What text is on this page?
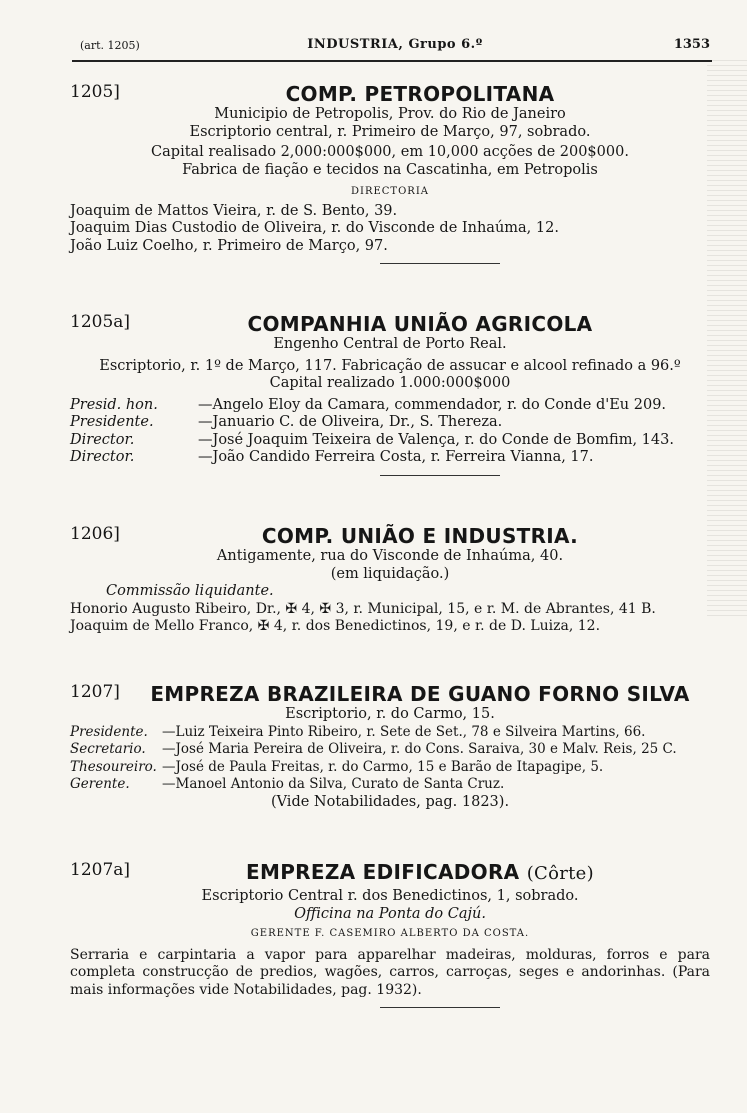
(art. 1205)	INDUSTRIA, Grupo 6.º	1353
1205]	COMP. PETROPOLITANA
Municipio de Petropolis, Prov. do Rio de Janeiro
Escriptorio central, r. Primeiro de Março, 97, sobrado.
Capital realisado 2,000:000$000, em 10,000 acções de 200$000.
Fabrica de fiação e tecidos na Cascatinha, em Petropolis
DIRECTORIA
Joaquim de Mattos Vieira, r. de S. Bento, 39.
Joaquim Dias Custodio de Oliveira, r. do Visconde de Inhaúma, 12.
João Luiz Coelho, r. Primeiro de Março, 97.
1205a]	COMPANHIA UNIÃO AGRICOLA
Engenho Central de Porto Real.
Escriptorio, r. 1º de Março, 117. Fabricação de assucar e alcool refinado a 96.º
Capital realizado 1.000:000$000
Presid. hon.	—Angelo Eloy da Camara, commendador, r. do Conde d'Eu 209.
Presidente.	—Januario C. de Oliveira, Dr., S. Thereza.
Director.	—José Joaquim Teixeira de Valença, r. do Conde de Bomfim, 143.
Director.	—João Candido Ferreira Costa, r. Ferreira Vianna, 17.
1206]	COMP. UNIÃO E INDUSTRIA.
Antigamente, rua do Visconde de Inhaúma, 40.
(em liquidação.)
Commissão liquidante.
Honorio Augusto Ribeiro, Dr., ✠ 4, ✠ 3, r. Municipal, 15, e r. M. de Abrantes, 41 B.
Joaquim de Mello Franco, ✠ 4, r. dos Benedictinos, 19, e r. de D. Luiza, 12.
1207]	EMPREZA BRAZILEIRA DE GUANO FORNO SILVA
Escriptorio, r. do Carmo, 15.
Presidente.	—Luiz Teixeira Pinto Ribeiro, r. Sete de Set., 78 e Silveira Martins, 66.
Secretario.	—José Maria Pereira de Oliveira, r. do Cons. Saraiva, 30 e Malv. Reis, 25 C.
Thesoureiro. —José de Paula Freitas, r. do Carmo, 15 e Barão de Itapagipe, 5.
Gerente.	—Manoel Antonio da Silva, Curato de Santa Cruz.
(Vide Notabilidades, pag. 1823).
1207a]	EMPREZA EDIFICADORA (Côrte)
Escriptorio Central r. dos Benedictinos, 1, sobrado.
Officina na Ponta do Cajú.
GERENTE F. CASEMIRO ALBERTO DA COSTA.
Serraria e carpintaria a vapor para apparelhar madeiras, molduras, forros e para completa construcção de predios, wagões, carros, carroças, seges e andorinhas. (Para mais informações vide Notabilidades, pag. 1932).
